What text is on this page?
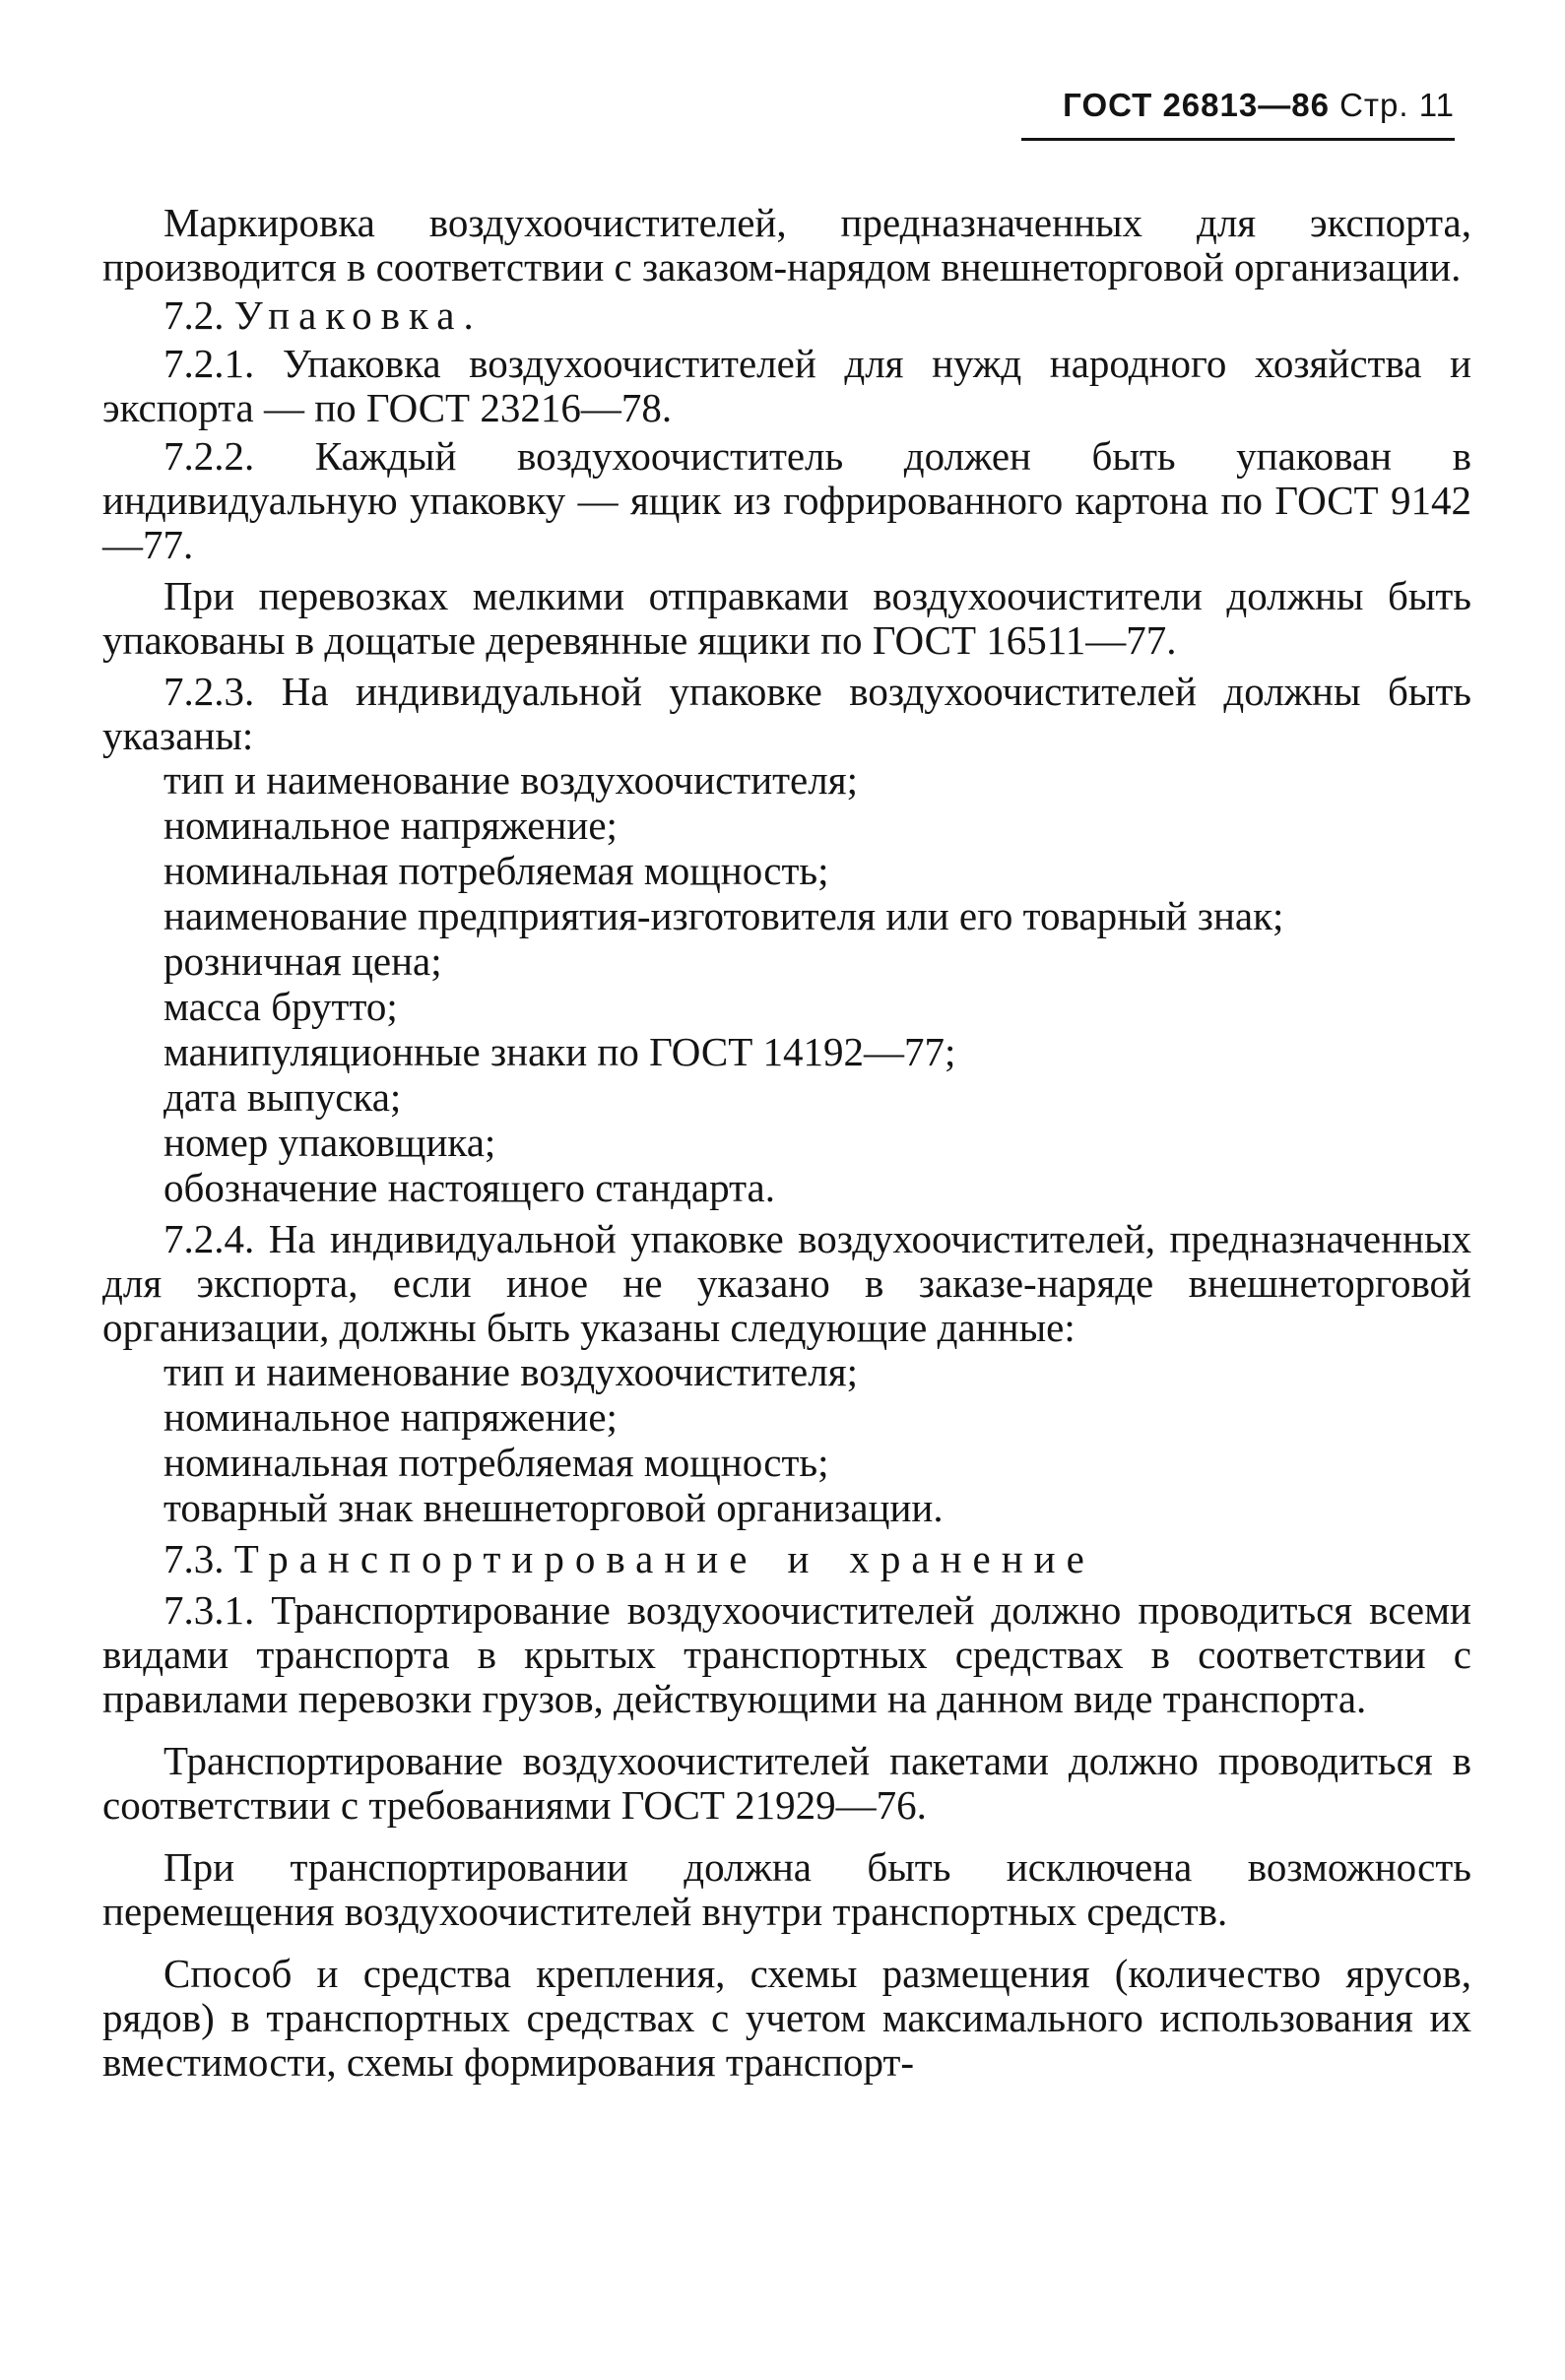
ГОСТ 26813—86 Стр. 11

Маркировка воздухоочистителей, предназначенных для экспорта, производится в соответствии с заказом-нарядом внешнеторговой организации.

7.2. Упаковка.

7.2.1. Упаковка воздухоочистителей для нужд народного хозяйства и экспорта — по ГОСТ 23216—78.

7.2.2. Каждый воздухоочиститель должен быть упакован в индивидуальную упаковку — ящик из гофрированного картона по ГОСТ 9142—77.

При перевозках мелкими отправками воздухоочистители должны быть упакованы в дощатые деревянные ящики по ГОСТ 16511—77.

7.2.3. На индивидуальной упаковке воздухоочистителей должны быть указаны:

тип и наименование воздухоочистителя;

номинальное напряжение;

номинальная потребляемая мощность;

наименование предприятия-изготовителя или его товарный знак;

розничная цена;

масса брутто;

манипуляционные знаки по ГОСТ 14192—77;

дата выпуска;

номер упаковщика;

обозначение настоящего стандарта.

7.2.4. На индивидуальной упаковке воздухоочистителей, предназначенных для экспорта, если иное не указано в заказе-наряде внешнеторговой организации, должны быть указаны следующие данные:

тип и наименование воздухоочистителя;

номинальное напряжение;

номинальная потребляемая мощность;

товарный знак внешнеторговой организации.

7.3. Транспортирование и хранение

7.3.1. Транспортирование воздухоочистителей должно проводиться всеми видами транспорта в крытых транспортных средствах в соответствии с правилами перевозки грузов, действующими на данном виде транспорта.

Транспортирование воздухоочистителей пакетами должно проводиться в соответствии с требованиями ГОСТ 21929—76.

При транспортировании должна быть исключена возможность перемещения воздухоочистителей внутри транспортных средств.

Способ и средства крепления, схемы размещения (количество ярусов, рядов) в транспортных средствах с учетом максимального использования их вместимости, схемы формирования транспорт-
